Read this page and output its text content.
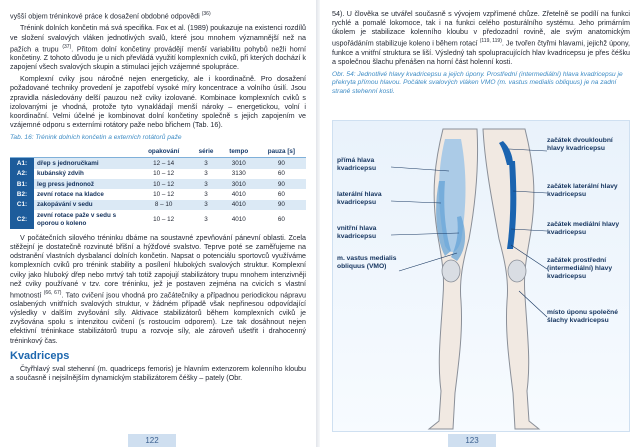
vyšší objem tréninkové práce k dosažení obdobné odpovědi $^{(36)}$

Trénink dolních končetin má svá specifika. Fox et al. (1989) poukazuje na existenci rozdílů ve složení svalových vláken jednotlivých svalů, které jsou mnohem významnější než na pažích a trupu $^{(37)}$. Přitom dolní končetiny provádějí menší variabilitu pohybů nežli horní končetiny. Z tohoto důvodu je u nich převládá využití komplexních cviků, při kterých dochází k zapojení všech svalových skupin a stimulaci jejich vzájemné spolupráce.

Komplexní cviky jsou náročné nejen energeticky, ale i koordinačně. Pro dosažení požadované techniky provedení je zapotřebí vysoké míry koncentrace a volního úsilí. Jsou zpravidla následovány delší pauzou než cviky izolované. Kombinace komplexních cviků s izolovanými je vhodná, protože tyto vynakládají menší nároky – energetickou, volní i koordinační. Velmi účelné je kombinovat dolní končetiny společně s jejich zapojením ve vzájemné odporu s externími rotátory paže nebo břichem (Tab. 16).

Tab. 16: Trénink dolních končetin a externích rotátorů paže
		opakování	série	tempo	pauza [s]
A1:	dřep s jednoručkami	12 – 14	3	3010	90
A2:	kubánský zdvih	10 – 12	3	3130	60
B1:	leg press jednonož	10 – 12	3	3010	90
B2:	zevní rotace na kladce	10 – 12	3	4010	60
C1:	zakopávání v sedu	8 – 10	3	4010	90
C2:	zevní rotace paže v sedu s oporou o koleno	10 – 12	3	4010	60

V počátečních silového tréninku dbáme na soustavné zpevňování pánevní oblasti. Zcela stěžejní je dostatečně rozvinuté břišní a hýžďové svalstvo. Teprve poté se zaměřujeme na odstranění vlastních dysbalancí dolních končetin. Napsat o potenciálu sportovců využíváme komplexních cviků pro trénink stability a posílení hlubokých svalových struktur. Komplexní cviky jako hluboký dřep nebo mrtvý tah totiž zapojují stabilizátory trupu mnohem intenzivněji než cviky používané v tzv. core tréninku, jež je postaven zejména na cvicích s vlastní hmotností $^{(66, 67)}$. Tato cvičení jsou vhodná pro začátečníky a případnou periodickou nápravu oslabených vnitřních svalových struktur, v žádném případě však nepřinesou odpovídající výsledky v dalším zvyšování síly. Aktivace stabilizátorů během komplexních cviků je zvyšována spolu s intenzitou cvičení (s rostoucím odporem). Lze tak dosáhnout nejen efektivní tréninkace stabilizátorů trupu a rozvoje síly, ale zároveň ušetřit i drahocenný tréninkový čas.

Kvadriceps

Čtyřhlavý sval stehenní (m. quadriceps femoris) je hlavním extenzorem kolenního kloubu a současně i nejsilnějším dynamickým stabilizátorem čéšky – pately (Obr.

122

54). U člověka se utvářel současně s vývojem vzpřímené chůze. Zřetelně se podílí na funkci rychlé a pomalé lokomoce, tak i na funkci celého posturálního systému. Jeho primárním úkolem je stabilizace kolenního kloubu v předozadní rovině, ale svým anatomickým uspořádáním stabilizuje koleno i během rotací $^{(119, 119)}$. Je tvořen čtyřmi hlavami, jejichž úpony, funkce a vnitřní struktura se liší. Výsledný tah spolupracujících hlav kvadricepsu je přes čéšku a společnou šlachu přenášen na horní část holenní kosti.

Obr. 54: Jednotlivé hlavy kvadricepsu a jejich úpony. Prostřední (intermediální) hlava kvadricepsu je překryta přímou hlavou. Počátek svalových vláken VMO (m. vastus medialis obliquus) je na zadní straně stehenní kosti.
přímá hlava kvadricepsu
laterální hlava kvadricepsu
vnitřní hlava kvadricepsu
m. vastus medialis obliquus (VMO)
začátek dvoukloubní hlavy kvadricepsu
začátek laterální hlavy kvadricepsu
začátek mediální hlavy kvadricepsu
začátek prostřední (intermediální) hlavy kvadricepsu
místo úponu společné šlachy kvadricepsu
123
